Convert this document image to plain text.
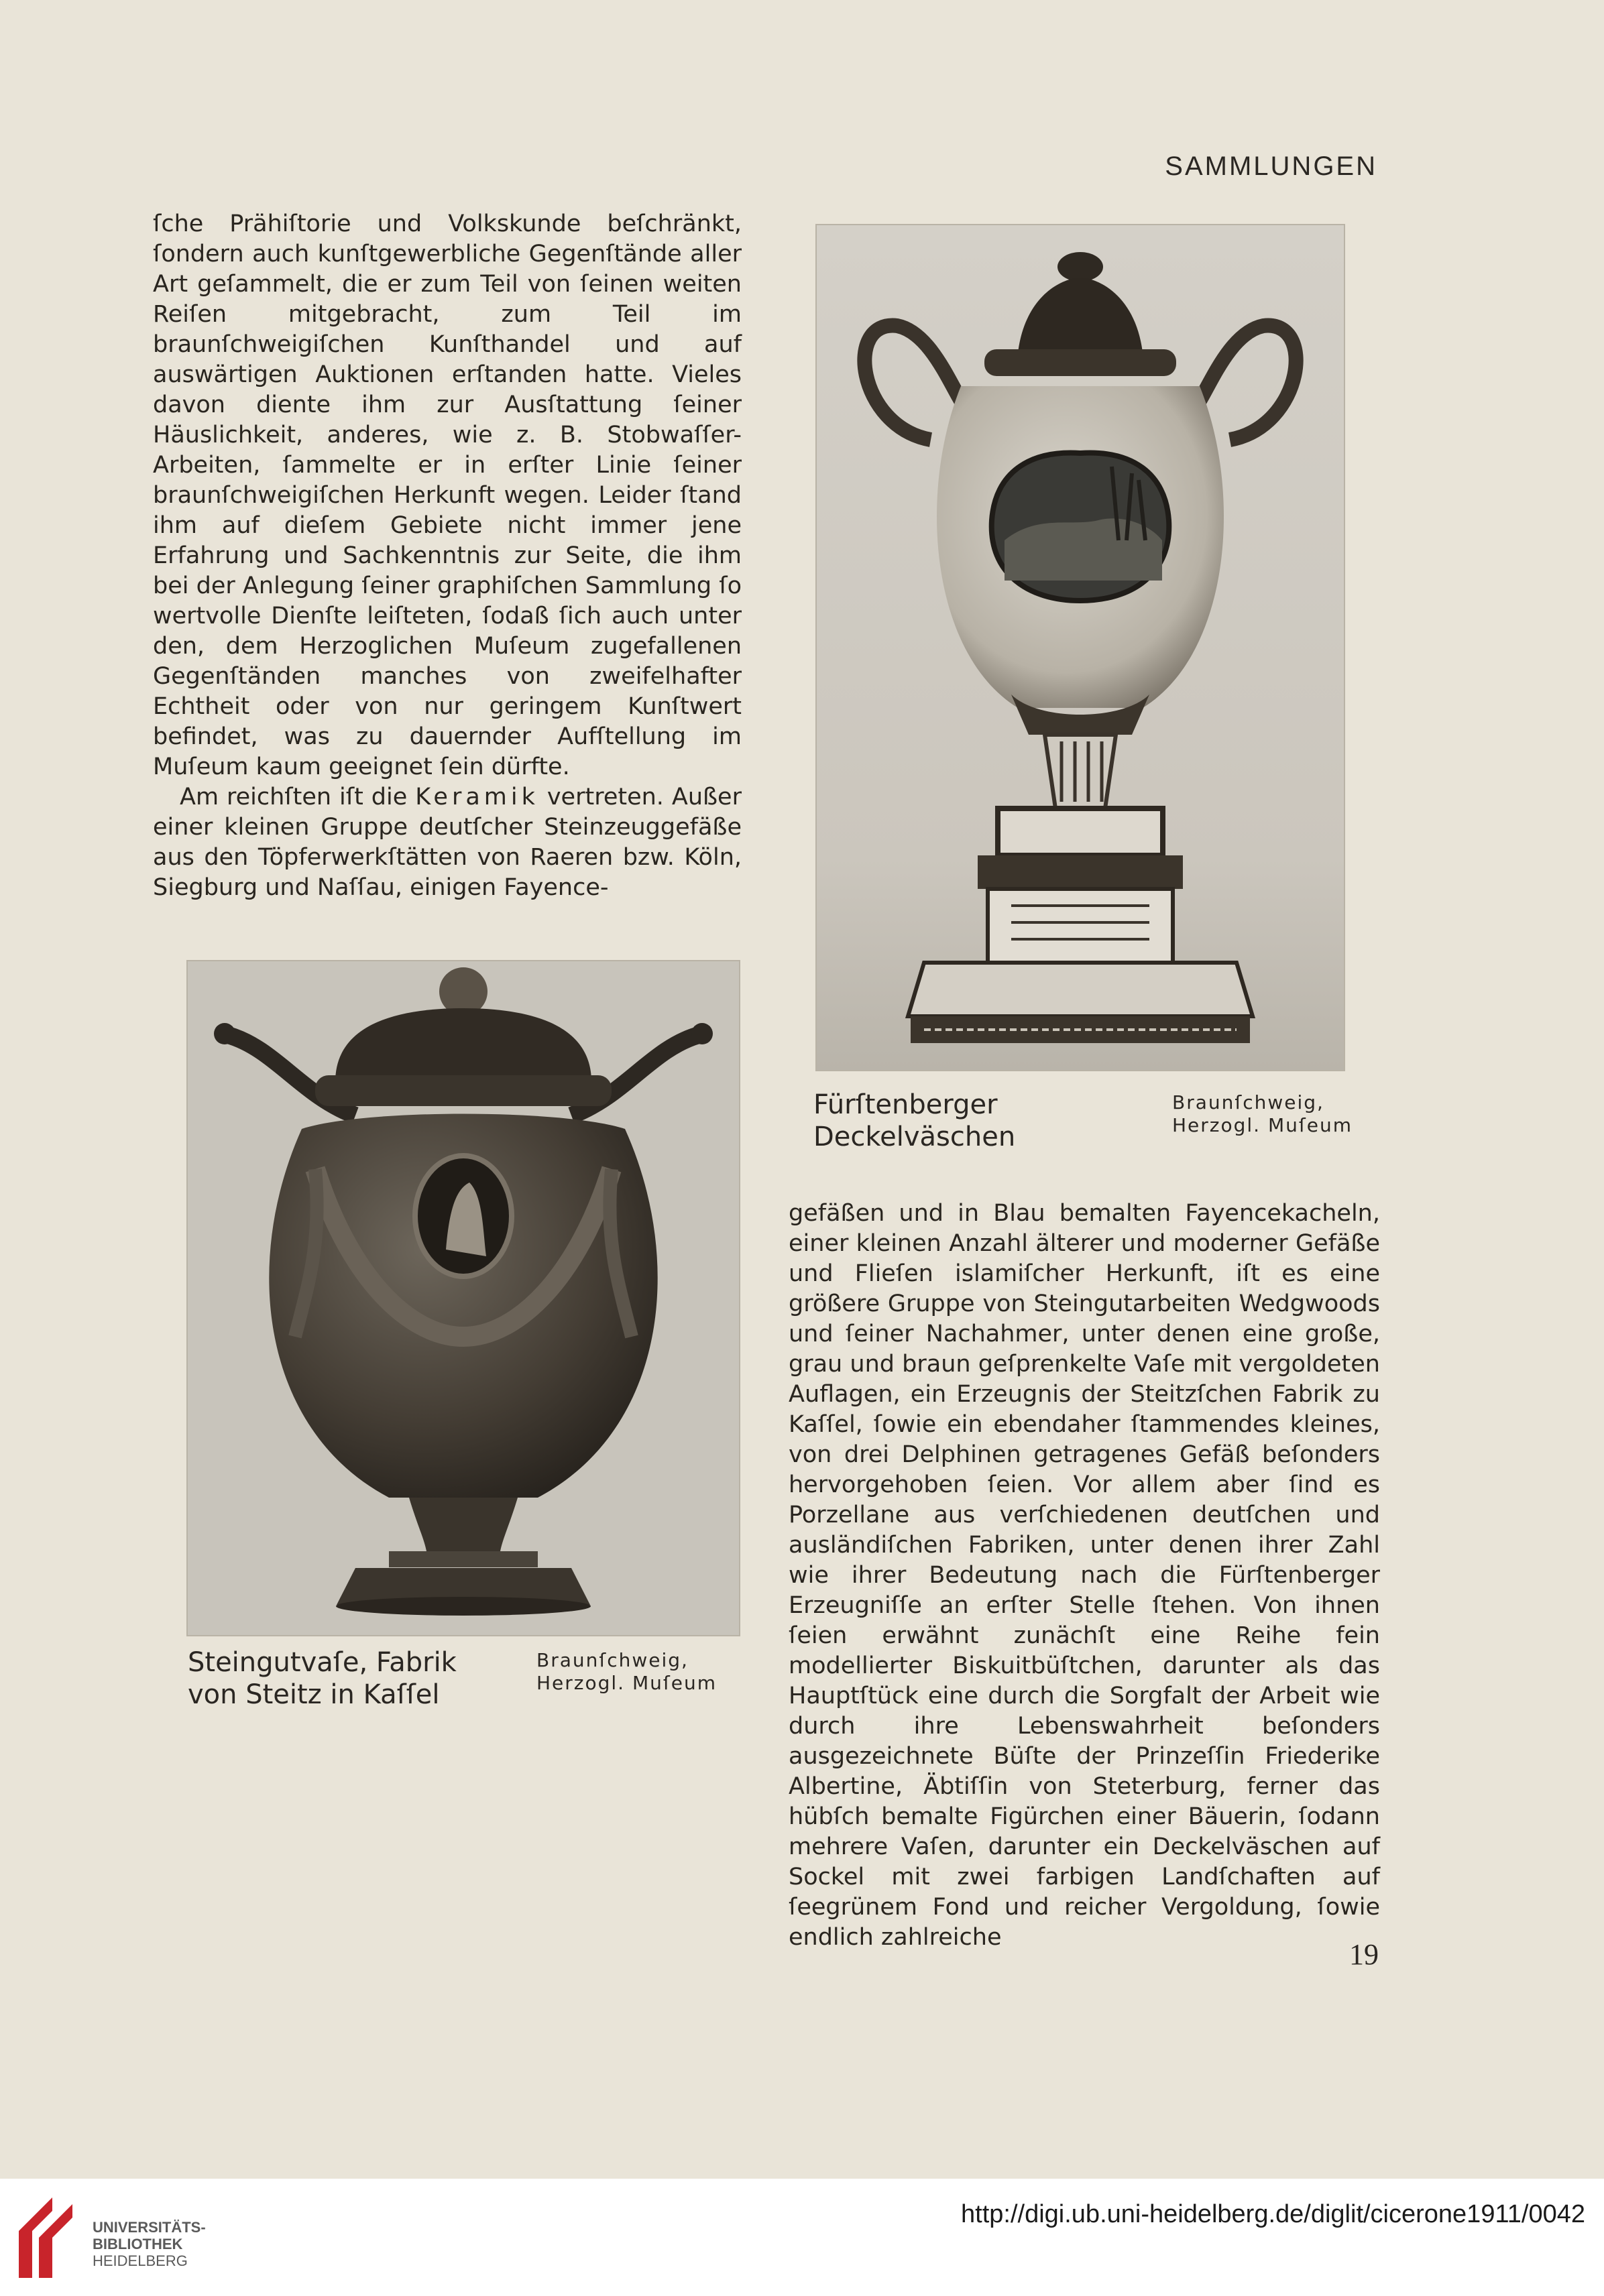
SAMMLUNGEN

ſche Prähiſtorie und Volkskunde beſchränkt, ſondern auch kunſtgewerbliche Gegenſtände aller Art geſammelt, die er zum Teil von ſeinen weiten Reiſen mitgebracht, zum Teil im braunſchweigiſchen Kunſthandel und auf auswärtigen Auktionen erſtanden hatte. Vieles davon diente ihm zur Ausſtattung ſeiner Häuslichkeit, anderes, wie z. B. Stobwaſſer-Arbeiten, ſammelte er in erſter Linie ſeiner braunſchweigiſchen Herkunft wegen. Leider ſtand ihm auf dieſem Gebiete nicht immer jene Erfahrung und Sachkenntnis zur Seite, die ihm bei der Anlegung ſeiner graphiſchen Sammlung ſo wertvolle Dienſte leiſteten, ſodaß ſich auch unter den, dem Herzoglichen Muſeum zugefallenen Gegenſtänden manches von zweifelhafter Echtheit oder von nur geringem Kunſtwert befindet, was zu dauernder Aufſtellung im Muſeum kaum geeignet ſein dürfte.

Am reichſten iſt die Keramik vertreten. Außer einer kleinen Gruppe deutſcher Steinzeuggefäße aus den Töpferwerkſtätten von Raeren bzw. Köln, Siegburg und Naſſau, einigen Fayence-

Fürſtenberger
Deckelväschen
Braunſchweig,
Herzogl. Muſeum
Steingutvaſe, Fabrik
von Steitz in Kaſſel
Braunſchweig,
Herzogl. Muſeum

gefäßen und in Blau bemalten Fayencekacheln, einer kleinen Anzahl älterer und moderner Gefäße und Flieſen islamiſcher Herkunft, iſt es eine größere Gruppe von Steingutarbeiten Wedgwoods und ſeiner Nachahmer, unter denen eine große, grau und braun geſprenkelte Vaſe mit vergoldeten Auflagen, ein Erzeugnis der Steitzſchen Fabrik zu Kaſſel, ſowie ein ebendaher ſtammendes kleines, von drei Delphinen getragenes Gefäß beſonders hervorgehoben ſeien. Vor allem aber ſind es Porzellane aus verſchiedenen deutſchen und ausländiſchen Fabriken, unter denen ihrer Zahl wie ihrer Bedeutung nach die Fürſtenberger Erzeugniſſe an erſter Stelle ſtehen. Von ihnen ſeien erwähnt zunächſt eine Reihe fein modellierter Biskuitbüſtchen, darunter als das Hauptſtück eine durch die Sorgfalt der Arbeit wie durch ihre Lebenswahrheit beſonders ausgezeichnete Büſte der Prinzeſſin Friederike Albertine, Äbtiſſin von Steterburg, ferner das hübſch bemalte Figürchen einer Bäuerin, ſodann mehrere Vaſen, darunter ein Deckelväschen auf Sockel mit zwei farbigen Landſchaften auf ſeegrünem Fond und reicher Vergoldung, ſowie endlich zahlreiche

19
UNIVERSITÄTS-
BIBLIOTHEK
HEIDELBERG
http://digi.ub.uni-heidelberg.de/diglit/cicerone1911/0042
